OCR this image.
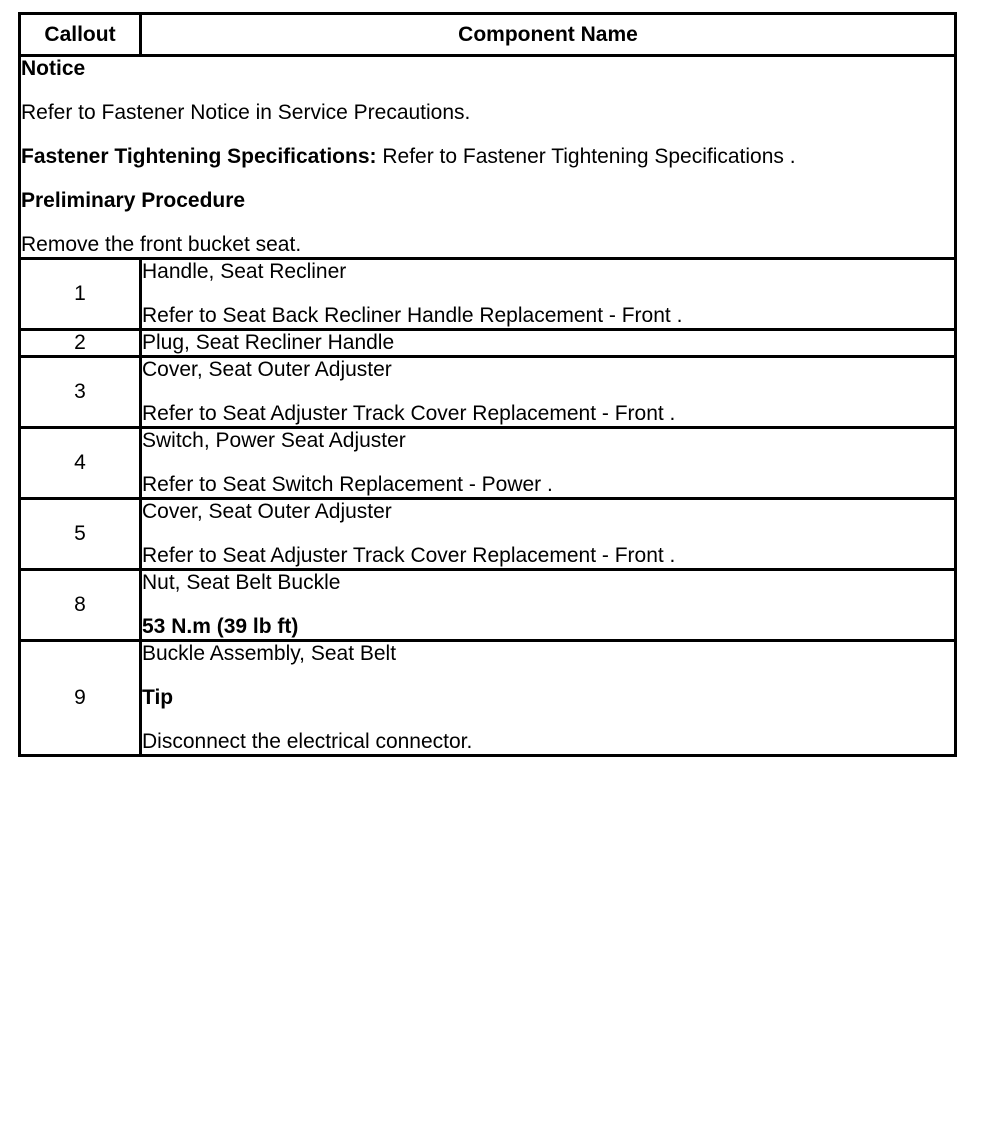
Callout	Component Name

Notice
Refer to Fastener Notice in Service Precautions.
Fastener Tightening Specifications: Refer to Fastener Tightening Specifications .
Preliminary Procedure
Remove the front bucket seat.	

1	Handle, Seat Recliner
Refer to Seat Back Recliner Handle Replacement - Front .

2	Plug, Seat Recliner Handle

3	Cover, Seat Outer Adjuster
Refer to Seat Adjuster Track Cover Replacement - Front .

4	Switch, Power Seat Adjuster
Refer to Seat Switch Replacement - Power .

5	Cover, Seat Outer Adjuster
Refer to Seat Adjuster Track Cover Replacement - Front .

8	Nut, Seat Belt Buckle
53 N.m (39 lb ft)

9	Buckle Assembly, Seat Belt
Tip
Disconnect the electrical connector.
